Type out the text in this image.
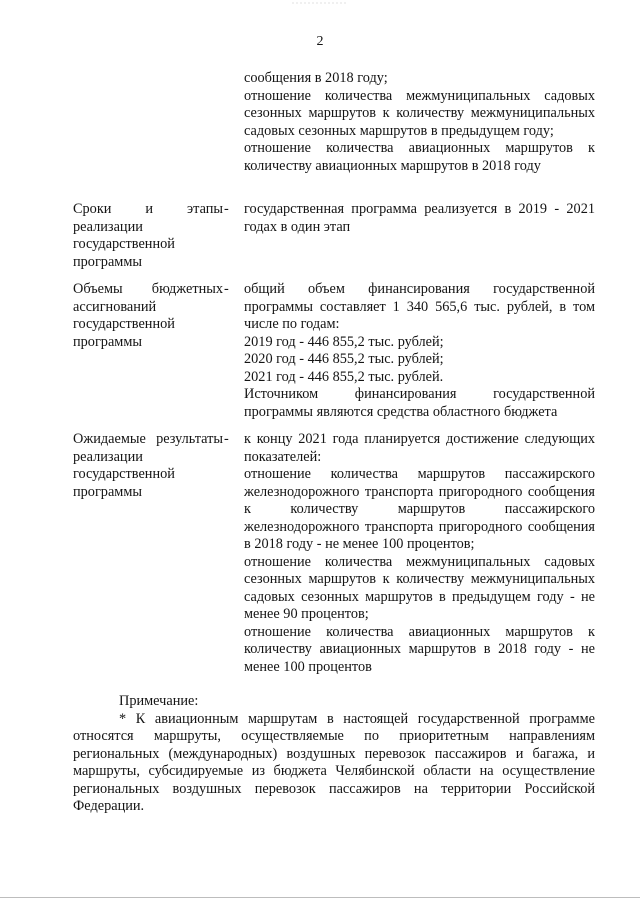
2

сообщения в 2018 году;

отношение количества межмуниципальных садовых сезонных маршрутов к количеству межмуниципальных садовых сезонных маршрутов в предыдущем году;

отношение количества авиационных маршрутов к количеству авиационных маршрутов в 2018 году

Сроки и этапы реализации государственной программы
- государственная программа реализуется в 2019 - 2021 годах в один этап

Объемы бюджетных ассигнований государственной программы
- общий объем финансирования государственной программы составляет 1 340 565,6 тыс. рублей, в том числе по годам:

2019 год - 446 855,2 тыс. рублей;

2020 год - 446 855,2 тыс. рублей;

2021 год - 446 855,2 тыс. рублей.

Источником финансирования государственной программы являются средства областного бюджета

Ожидаемые результаты реализации государственной программы
- к концу 2021 года планируется достижение следующих показателей:

отношение количества маршрутов пассажирского железнодорожного транспорта пригородного сообщения к количеству маршрутов пассажирского железнодорожного транспорта пригородного сообщения в 2018 году - не менее 100 процентов;

отношение количества межмуниципальных садовых сезонных маршрутов к количеству межмуниципальных садовых сезонных маршрутов в предыдущем году - не менее 90 процентов;

отношение количества авиационных маршрутов к количеству авиационных маршрутов в 2018 году - не менее 100 процентов

Примечание:

* К авиационным маршрутам в настоящей государственной программе относятся маршруты, осуществляемые по приоритетным направлениям региональных (международных) воздушных перевозок пассажиров и багажа, и маршруты, субсидируемые из бюджета Челябинской области на осуществление региональных воздушных перевозок пассажиров на территории Российской Федерации.
